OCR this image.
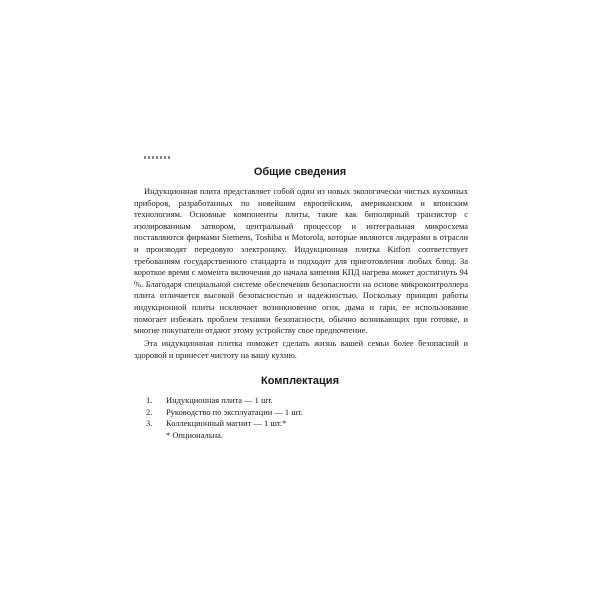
Общие сведения

Индукционная плита представляет собой один из новых экологически чистых кухонных приборов, разработанных по новейшим европейским, американским и японским технологиям. Основные компоненты плиты, такие как биполярный транзистор с изолированным затвором, центральный процессор и интегральная микросхема поставляются фирмами Siemens, Toshiba и Motorola, которые являются лидерами в отрасли и производят передовую электронику. Индукционная плитка Kitfort соответствует требованиям государственного стандарта и подходит для приготовления любых блюд. За короткое время с момента включения до начала кипения КПД нагрева может достигнуть 94 %. Благодаря специальной системе обеспечения безопасности на основе микроконтроллера плита отличается высокой безопасностью и надежностью. Поскольку принцип работы индукционной плиты исключает возникновение огня, дыма и гари, ее использование помогает избежать проблем техники безопасности, обычно возникающих при готовке, и многие покупатели отдают этому устройству свое предпочтение.

Эта индукционная плитка поможет сделать жизнь вашей семьи более безопасной и здоровой и принесет чистоту на вашу кухню.

Комплектация
1.	Индукционная плита — 1 шт.
2.	Руководство по эксплуатации — 1 шт.
3.	Коллекционный магнит — 1 шт.*
* Опциональна.
